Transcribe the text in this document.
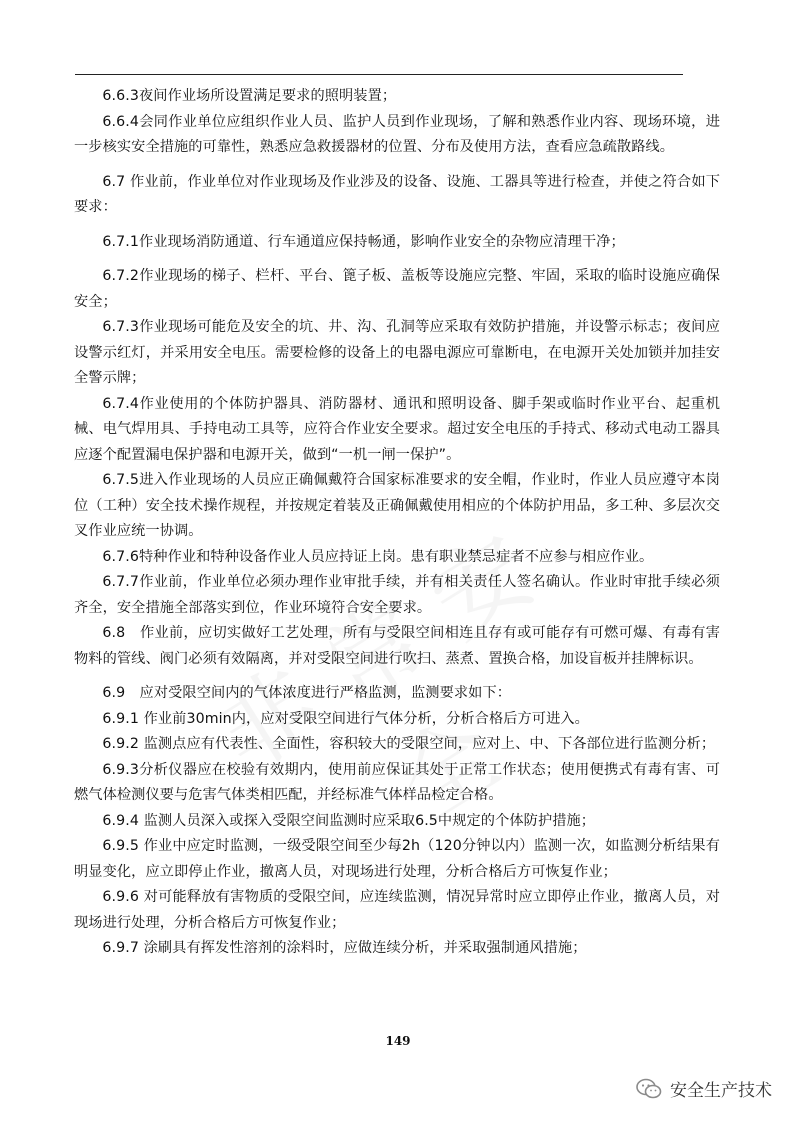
6.6.3夜间作业场所设置满足要求的照明装置；

6.6.4会同作业单位应组织作业人员、监护人员到作业现场，了解和熟悉作业内容、现场环境，进一步核实安全措施的可靠性，熟悉应急救援器材的位置、分布及使用方法，查看应急疏散路线。

6.7 作业前，作业单位对作业现场及作业涉及的设备、设施、工器具等进行检查，并使之符合如下要求：

6.7.1作业现场消防通道、行车通道应保持畅通，影响作业安全的杂物应清理干净；

6.7.2作业现场的梯子、栏杆、平台、篦子板、盖板等设施应完整、牢固，采取的临时设施应确保安全；

6.7.3作业现场可能危及安全的坑、井、沟、孔洞等应采取有效防护措施，并设警示标志；夜间应设警示红灯，并采用安全电压。需要检修的设备上的电器电源应可靠断电，在电源开关处加锁并加挂安全警示牌；

6.7.4作业使用的个体防护器具、消防器材、通讯和照明设备、脚手架或临时作业平台、起重机械、电气焊用具、手持电动工具等，应符合作业安全要求。超过安全电压的手持式、移动式电动工器具应逐个配置漏电保护器和电源开关，做到“一机一闸一保护”。

6.7.5进入作业现场的人员应正确佩戴符合国家标准要求的安全帽，作业时，作业人员应遵守本岗位（工种）安全技术操作规程，并按规定着装及正确佩戴使用相应的个体防护用品，多工种、多层次交叉作业应统一协调。

6.7.6特种作业和特种设备作业人员应持证上岗。患有职业禁忌症者不应参与相应作业。

6.7.7作业前，作业单位必须办理作业审批手续，并有相关责任人签名确认。作业时审批手续必须齐全，安全措施全部落实到位，作业环境符合安全要求。

6.8　作业前，应切实做好工艺处理，所有与受限空间相连且存有或可能存有可燃可爆、有毒有害物料的管线、阀门必须有效隔离，并对受限空间进行吹扫、蒸煮、置换合格，加设盲板并挂牌标识。

6.9　应对受限空间内的气体浓度进行严格监测，监测要求如下：

6.9.1 作业前30min内，应对受限空间进行气体分析，分析合格后方可进入。

6.9.2 监测点应有代表性、全面性，容积较大的受限空间，应对上、中、下各部位进行监测分析；

6.9.3分析仪器应在校验有效期内，使用前应保证其处于正常工作状态；使用便携式有毒有害、可燃气体检测仪要与危害气体类相匹配，并经标准气体样品检定合格。

6.9.4 监测人员深入或探入受限空间监测时应采取6.5中规定的个体防护措施；

6.9.5 作业中应定时监测，一级受限空间至少每2h（120分钟以内）监测一次，如监测分析结果有明显变化，应立即停止作业，撤离人员，对现场进行处理，分析合格后方可恢复作业；

6.9.6 对可能释放有害物质的受限空间，应连续监测，情况异常时应立即停止作业，撤离人员，对现场进行处理，分析合格后方可恢复作业；

6.9.7 涂刷具有挥发性溶剂的涂料时，应做连续分析，并采取强制通风措施；

149
安全生产技术
